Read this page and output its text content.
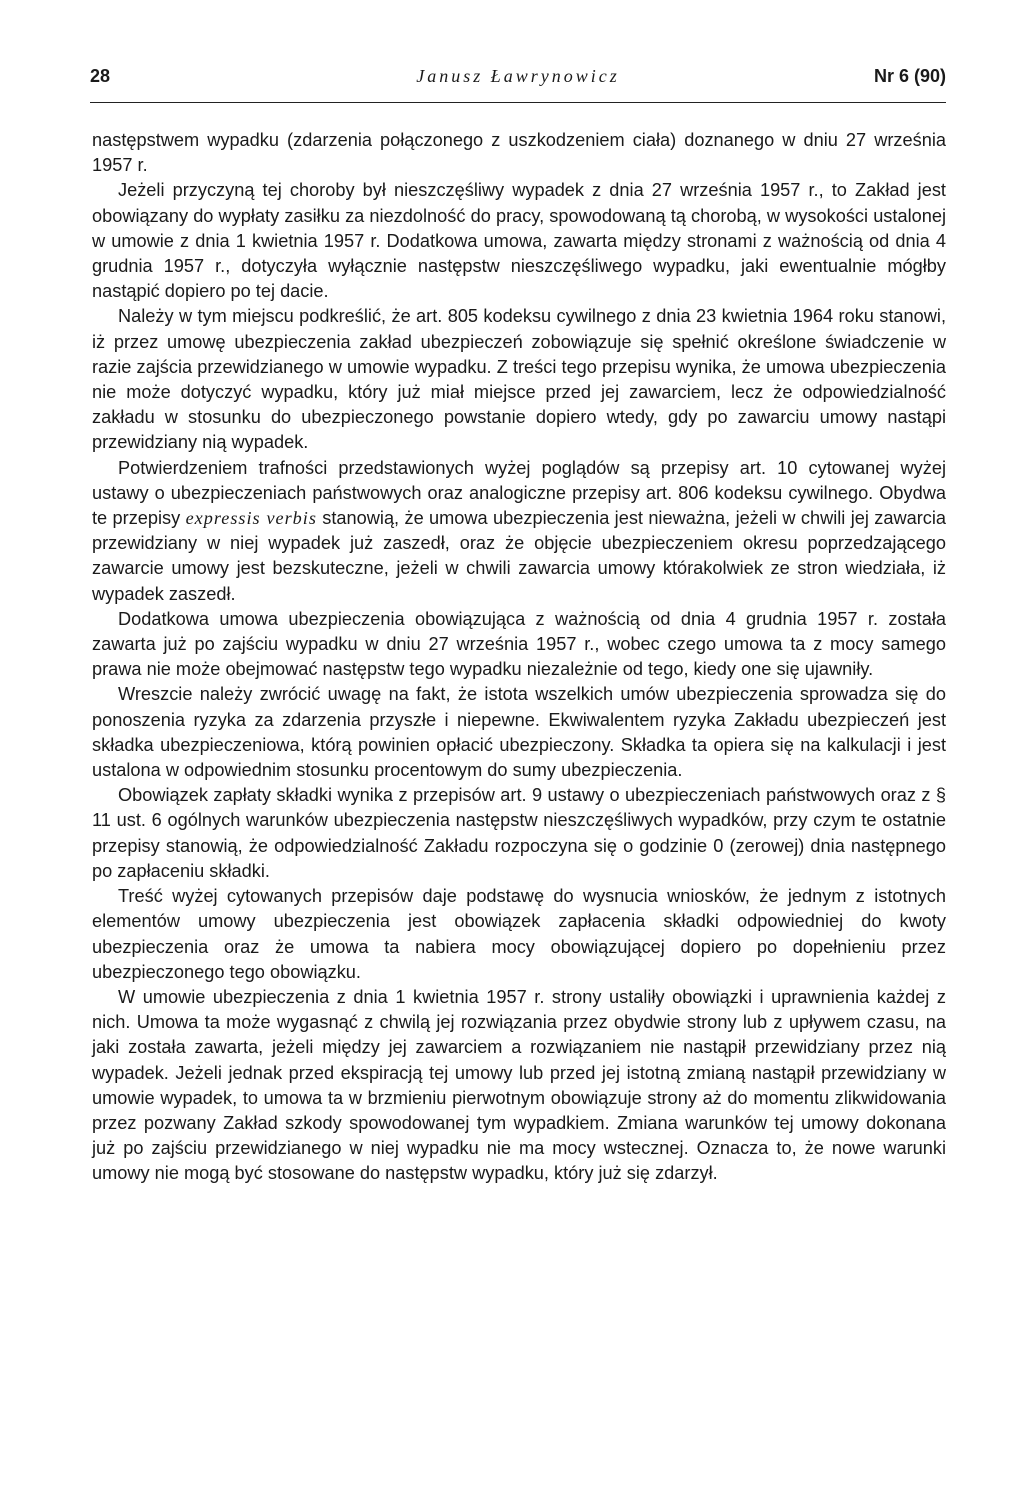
28	Janusz Ławrynowicz	Nr 6 (90)

następstwem wypadku (zdarzenia połączonego z uszkodzeniem ciała) doznanego w dniu 27 września 1957 r.

Jeżeli przyczyną tej choroby był nieszczęśliwy wypadek z dnia 27 września 1957 r., to Zakład jest obowiązany do wypłaty zasiłku za niezdolność do pracy, spowodowaną tą chorobą, w wysokości ustalonej w umowie z dnia 1 kwietnia 1957 r. Dodatkowa umowa, zawarta między stronami z ważnością od dnia 4 grudnia 1957 r., dotyczyła wyłącznie następstw nieszczęśliwego wypadku, jaki ewentualnie mógłby nastąpić dopiero po tej dacie.

Należy w tym miejscu podkreślić, że art. 805 kodeksu cywilnego z dnia 23 kwietnia 1964 roku stanowi, iż przez umowę ubezpieczenia zakład ubezpieczeń zobowiązuje się spełnić określone świadczenie w razie zajścia przewidzianego w umowie wypadku. Z treści tego przepisu wynika, że umowa ubezpieczenia nie może dotyczyć wypadku, który już miał miejsce przed jej zawarciem, lecz że odpowiedzialność zakładu w stosunku do ubezpieczonego powstanie dopiero wtedy, gdy po zawarciu umowy nastąpi przewidziany nią wypadek.

Potwierdzeniem trafności przedstawionych wyżej poglądów są przepisy art. 10 cytowanej wyżej ustawy o ubezpieczeniach państwowych oraz analogiczne przepisy art. 806 kodeksu cywilnego. Obydwa te przepisy expressis verbis stanowią, że umowa ubezpieczenia jest nieważna, jeżeli w chwili jej zawarcia przewidziany w niej wypadek już zaszedł, oraz że objęcie ubezpieczeniem okresu poprzedzającego zawarcie umowy jest bezskuteczne, jeżeli w chwili zawarcia umowy którakolwiek ze stron wiedziała, iż wypadek zaszedł.

Dodatkowa umowa ubezpieczenia obowiązująca z ważnością od dnia 4 grudnia 1957 r. została zawarta już po zajściu wypadku w dniu 27 września 1957 r., wobec czego umowa ta z mocy samego prawa nie może obejmować następstw tego wypadku niezależnie od tego, kiedy one się ujawniły.

Wreszcie należy zwrócić uwagę na fakt, że istota wszelkich umów ubezpieczenia sprowadza się do ponoszenia ryzyka za zdarzenia przyszłe i niepewne. Ekwiwalentem ryzyka Zakładu ubezpieczeń jest składka ubezpieczeniowa, którą powinien opłacić ubezpieczony. Składka ta opiera się na kalkulacji i jest ustalona w odpowiednim stosunku procentowym do sumy ubezpieczenia.

Obowiązek zapłaty składki wynika z przepisów art. 9 ustawy o ubezpieczeniach państwowych oraz z § 11 ust. 6 ogólnych warunków ubezpieczenia następstw nieszczęśliwych wypadków, przy czym te ostatnie przepisy stanowią, że odpowiedzialność Zakładu rozpoczyna się o godzinie 0 (zerowej) dnia następnego po zapłaceniu składki.

Treść wyżej cytowanych przepisów daje podstawę do wysnucia wniosków, że jednym z istotnych elementów umowy ubezpieczenia jest obowiązek zapłacenia składki odpowiedniej do kwoty ubezpieczenia oraz że umowa ta nabiera mocy obowiązującej dopiero po dopełnieniu przez ubezpieczonego tego obowiązku.

W umowie ubezpieczenia z dnia 1 kwietnia 1957 r. strony ustaliły obowiązki i uprawnienia każdej z nich. Umowa ta może wygasnąć z chwilą jej rozwiązania przez obydwie strony lub z upływem czasu, na jaki została zawarta, jeżeli między jej zawarciem a rozwiązaniem nie nastąpił przewidziany przez nią wypadek. Jeżeli jednak przed ekspiracją tej umowy lub przed jej istotną zmianą nastąpił przewidziany w umowie wypadek, to umowa ta w brzmieniu pierwotnym obowiązuje strony aż do momentu zlikwidowania przez pozwany Zakład szkody spowodowanej tym wypadkiem. Zmiana warunków tej umowy dokonana już po zajściu przewidzianego w niej wypadku nie ma mocy wstecznej. Oznacza to, że nowe warunki umowy nie mogą być stosowane do następstw wypadku, który już się zdarzył.
